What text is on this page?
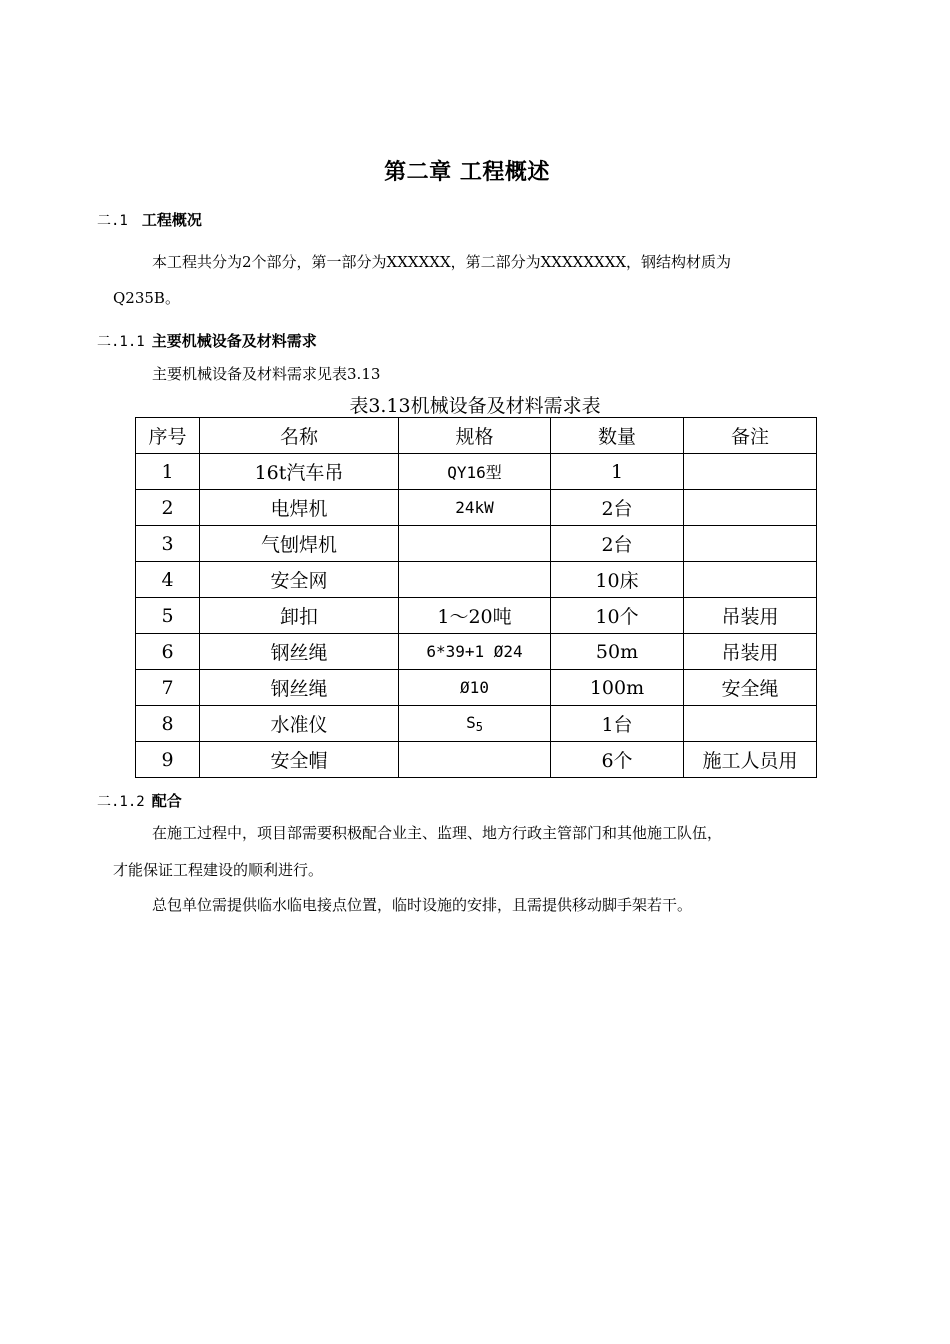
第二章 工程概述
二.1 工程概况
本工程共分为2个部分，第一部分为XXXXXX，第二部分为XXXXXXXX，钢结构材质为
Q235B。
二.1.1 主要机械设备及材料需求
主要机械设备及材料需求见表3.13
表3.13机械设备及材料需求表
序号	名称	规格	数量	备注
1	16t汽车吊	QY16型	1	
2	电焊机	24kW	2台	
3	气刨焊机		2台	
4	安全网		10床	
5	卸扣	1～20吨	10个	吊装用
6	钢丝绳	6*39+1 Ø24	50m	吊装用
7	钢丝绳	Ø10	100m	安全绳
8	水准仪	$S_5$	1台	
9	安全帽		6个	施工人员用
二.1.2 配合
在施工过程中，项目部需要积极配合业主、监理、地方行政主管部门和其他施工队伍，
才能保证工程建设的顺利进行。
总包单位需提供临水临电接点位置，临时设施的安排，且需提供移动脚手架若干。
